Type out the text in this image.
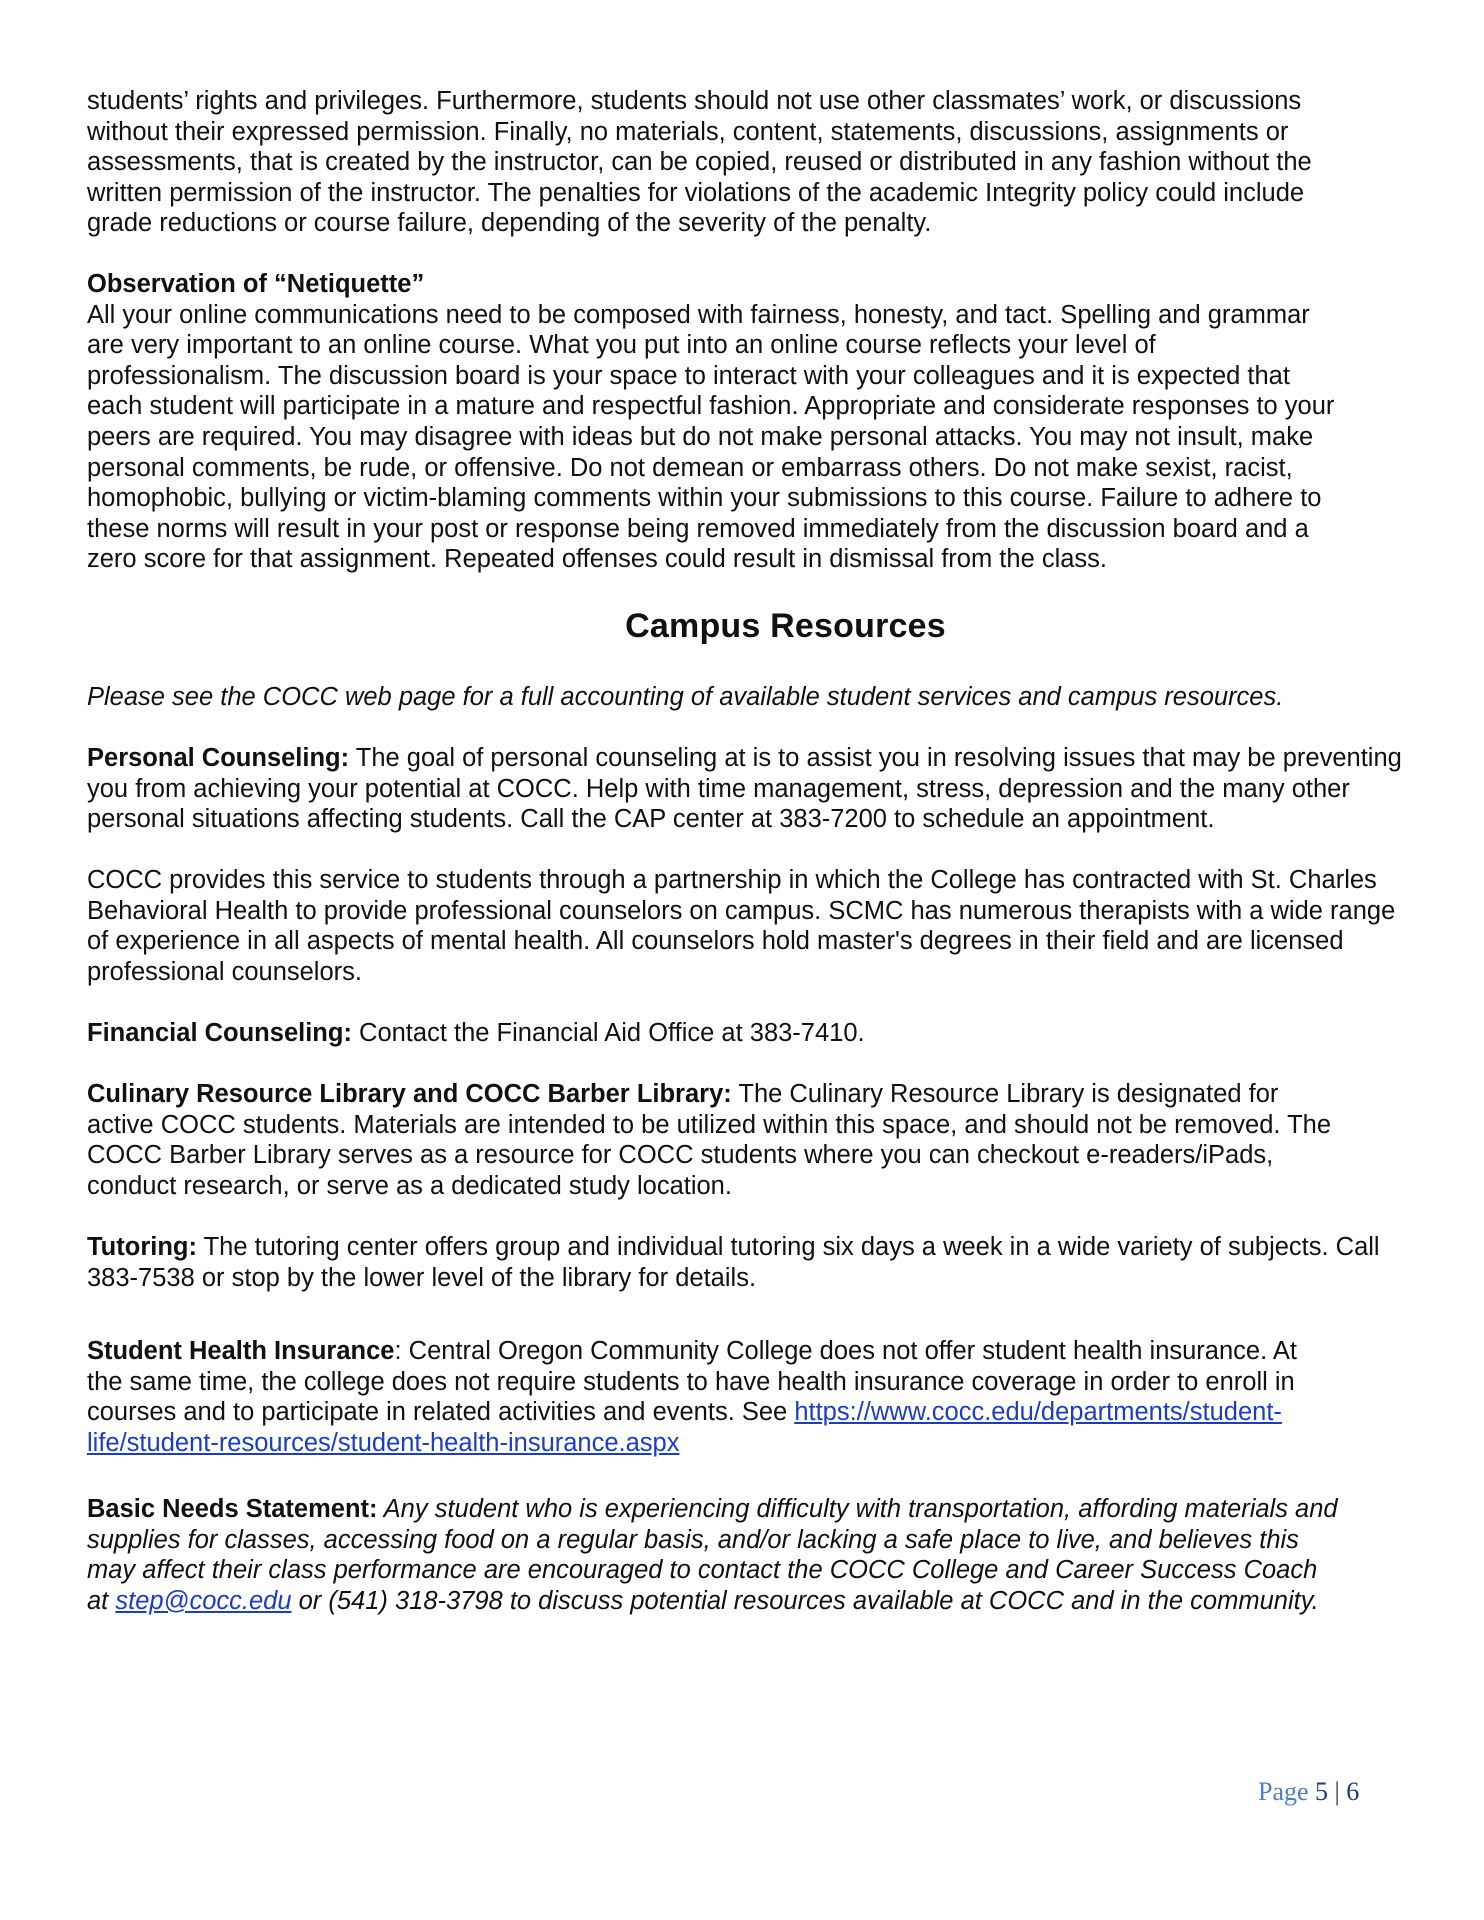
students’ rights and privileges. Furthermore, students should not use other classmates’ work, or discussions
without their expressed permission. Finally, no materials, content, statements, discussions, assignments or
assessments, that is created by the instructor, can be copied, reused or distributed in any fashion without the
written permission of the instructor. The penalties for violations of the academic Integrity policy could include
grade reductions or course failure, depending of the severity of the penalty.

Observation of “Netiquette”
All your online communications need to be composed with fairness, honesty, and tact. Spelling and grammar
are very important to an online course. What you put into an online course reflects your level of
professionalism. The discussion board is your space to interact with your colleagues and it is expected that
each student will participate in a mature and respectful fashion. Appropriate and considerate responses to your
peers are required. You may disagree with ideas but do not make personal attacks. You may not insult, make
personal comments, be rude, or offensive. Do not demean or embarrass others. Do not make sexist, racist,
homophobic, bullying or victim-blaming comments within your submissions to this course. Failure to adhere to
these norms will result in your post or response being removed immediately from the discussion board and a
zero score for that assignment. Repeated offenses could result in dismissal from the class.
Campus Resources

Please see the COCC web page for a full accounting of available student services and campus resources.

Personal Counseling: The goal of personal counseling at is to assist you in resolving issues that may be preventing
you from achieving your potential at COCC. Help with time management, stress, depression and the many other
personal situations affecting students. Call the CAP center at 383-7200 to schedule an appointment.

COCC provides this service to students through a partnership in which the College has contracted with St. Charles
Behavioral Health to provide professional counselors on campus. SCMC has numerous therapists with a wide range
of experience in all aspects of mental health. All counselors hold master's degrees in their field and are licensed
professional counselors.

Financial Counseling: Contact the Financial Aid Office at 383-7410.

Culinary Resource Library and COCC Barber Library: The Culinary Resource Library is designated for
active COCC students. Materials are intended to be utilized within this space, and should not be removed. The
COCC Barber Library serves as a resource for COCC students where you can checkout e-readers/iPads,
conduct research, or serve as a dedicated study location.

Tutoring: The tutoring center offers group and individual tutoring six days a week in a wide variety of subjects. Call
383-7538 or stop by the lower level of the library for details.

Student Health Insurance: Central Oregon Community College does not offer student health insurance. At
the same time, the college does not require students to have health insurance coverage in order to enroll in
courses and to participate in related activities and events. See https://www.cocc.edu/departments/student-
life/student-resources/student-health-insurance.aspx

Basic Needs Statement: Any student who is experiencing difficulty with transportation, affording materials and
supplies for classes, accessing food on a regular basis, and/or lacking a safe place to live, and believes this
may affect their class performance are encouraged to contact the COCC College and Career Success Coach
at step@cocc.edu or (541) 318-3798 to discuss potential resources available at COCC and in the community.

Page 5 | 6
